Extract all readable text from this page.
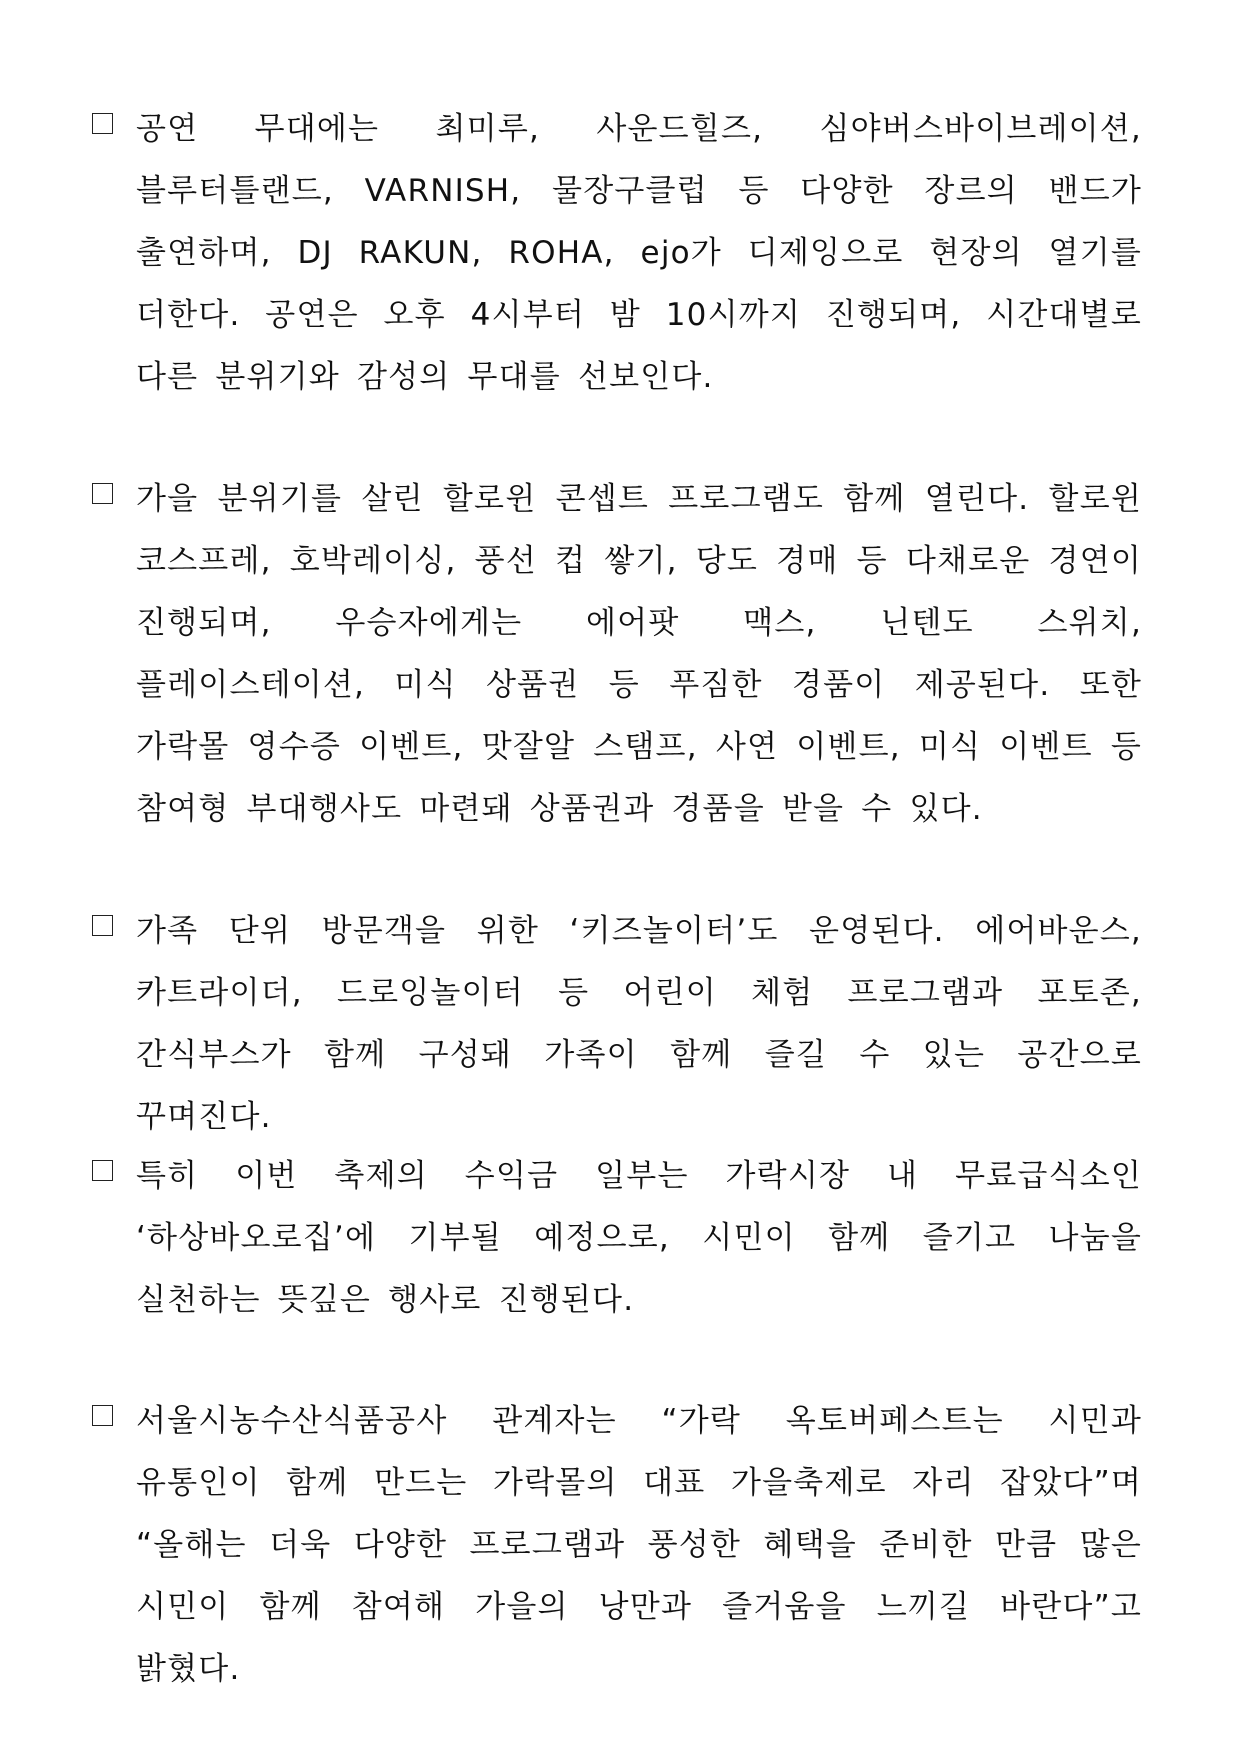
공연 무대에는 최미루, 사운드힐즈, 심야버스바이브레이션, 블루터틀랜드, VARNISH, 물장구클럽 등 다양한 장르의 밴드가 출연하며, DJ RAKUN, ROHA, ejo가 디제잉으로 현장의 열기를 더한다. 공연은 오후 4시부터 밤 10시까지 진행되며, 시간대별로 다른 분위기와 감성의 무대를 선보인다.

가을 분위기를 살린 할로윈 콘셉트 프로그램도 함께 열린다. 할로윈 코스프레, 호박레이싱, 풍선 컵 쌓기, 당도 경매 등 다채로운 경연이 진행되며, 우승자에게는 에어팟 맥스, 닌텐도 스위치, 플레이스테이션, 미식 상품권 등 푸짐한 경품이 제공된다. 또한 가락몰 영수증 이벤트, 맛잘알 스탬프, 사연 이벤트, 미식 이벤트 등 참여형 부대행사도 마련돼 상품권과 경품을 받을 수 있다.

가족 단위 방문객을 위한 ‘키즈놀이터’도 운영된다. 에어바운스, 카트라이더, 드로잉놀이터 등 어린이 체험 프로그램과 포토존, 간식부스가 함께 구성돼 가족이 함께 즐길 수 있는 공간으로 꾸며진다.

특히 이번 축제의 수익금 일부는 가락시장 내 무료급식소인 ‘하상바오로집’에 기부될 예정으로, 시민이 함께 즐기고 나눔을 실천하는 뜻깊은 행사로 진행된다.

서울시농수산식품공사 관계자는 “가락 옥토버페스트는 시민과 유통인이 함께 만드는 가락몰의 대표 가을축제로 자리 잡았다”며 “올해는 더욱 다양한 프로그램과 풍성한 혜택을 준비한 만큼 많은 시민이 함께 참여해 가을의 낭만과 즐거움을 느끼길 바란다”고 밝혔다.
